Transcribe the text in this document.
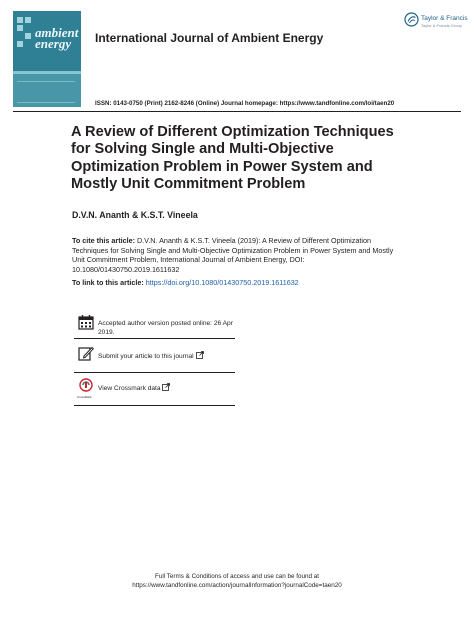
ambient
energy	International Journal of Ambient Energy
Taylor & Francis
Taylor & Francis Group
ISSN: 0143-0750 (Print) 2162-8246 (Online) Journal homepage: https://www.tandfonline.com/loi/taen20
A Review of Different Optimization Techniques for Solving Single and Multi-Objective Optimization Problem in Power System and Mostly Unit Commitment Problem
D.V.N. Ananth & K.S.T. Vineela
To cite this article: D.V.N. Ananth & K.S.T. Vineela (2019): A Review of Different Optimization Techniques for Solving Single and Multi-Objective Optimization Problem in Power System and Mostly Unit Commitment Problem, International Journal of Ambient Energy, DOI: 10.1080/01430750.2019.1611632
To link to this article: https://doi.org/10.1080/01430750.2019.1611632
Accepted author version posted online: 26 Apr 2019.
Submit your article to this journal
CrossMark
View Crossmark data
Full Terms & Conditions of access and use can be found at
https://www.tandfonline.com/action/journalInformation?journalCode=taen20
